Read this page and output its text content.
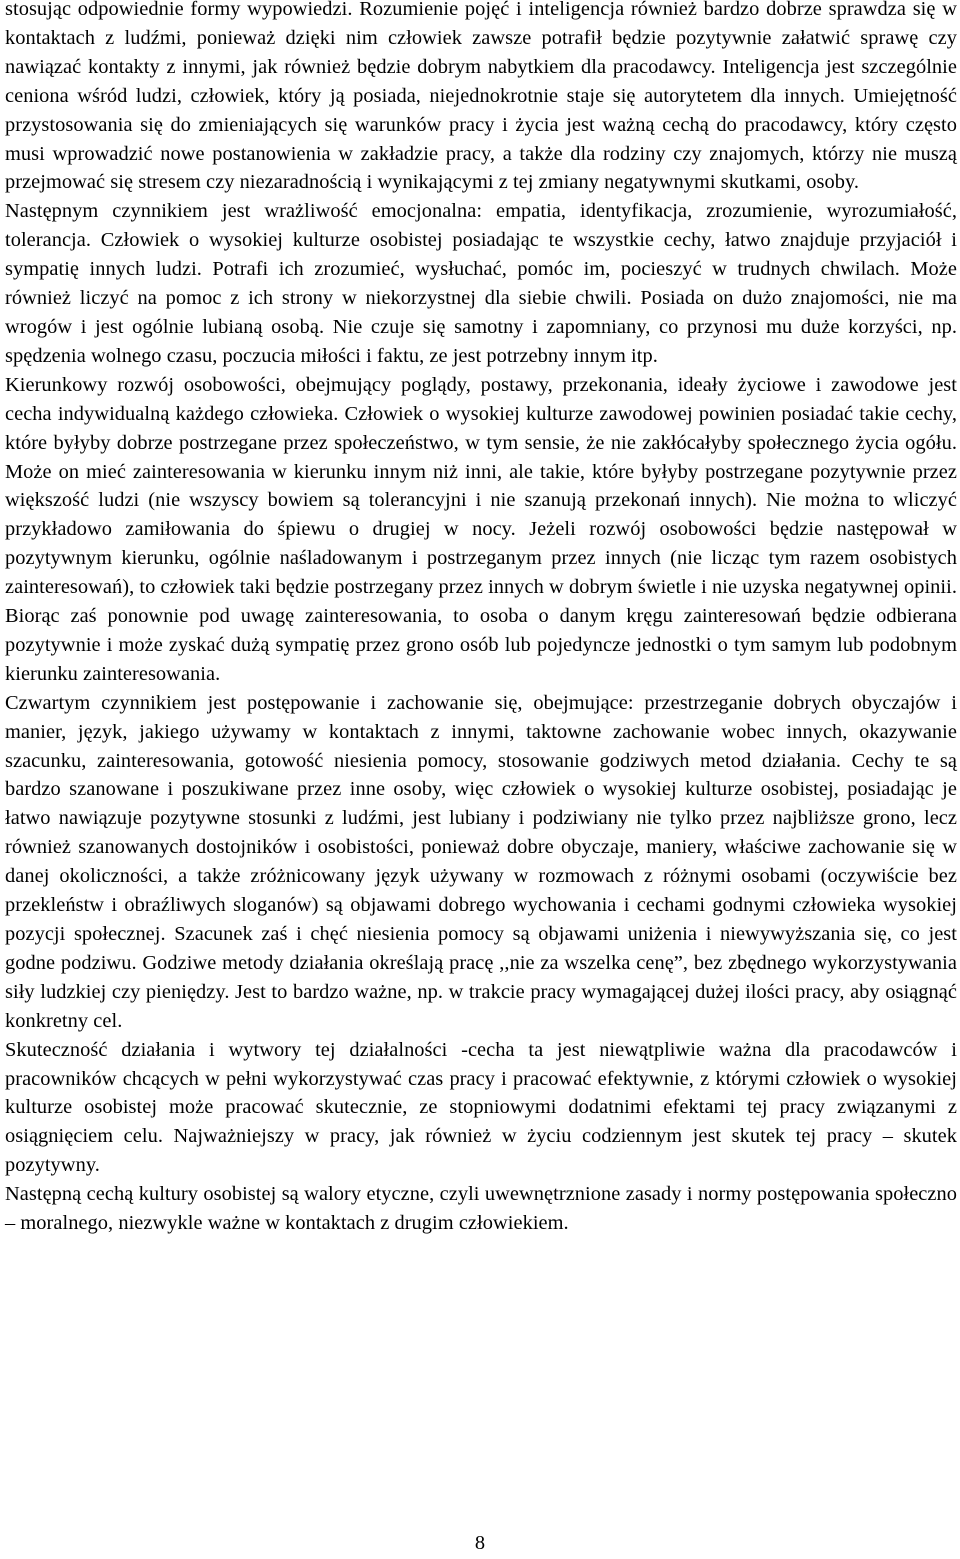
stosując odpowiednie formy wypowiedzi. Rozumienie pojęć i inteligencja również bardzo dobrze sprawdza się w kontaktach z ludźmi, ponieważ dzięki nim człowiek zawsze potrafił będzie pozytywnie załatwić sprawę czy nawiązać kontakty z innymi, jak również będzie dobrym nabytkiem dla pracodawcy. Inteligencja jest szczególnie ceniona wśród ludzi, człowiek, który ją posiada, niejednokrotnie staje się autorytetem dla innych. Umiejętność przystosowania się do zmieniających się warunków pracy i życia jest ważną cechą do pracodawcy, który często musi wprowadzić nowe postanowienia w zakładzie pracy, a także dla rodziny czy znajomych, którzy nie muszą przejmować się stresem czy niezaradnością i wynikającymi z tej zmiany negatywnymi skutkami, osoby.

Następnym czynnikiem jest wrażliwość emocjonalna: empatia, identyfikacja, zrozumienie, wyrozumiałość, tolerancja. Człowiek o wysokiej kulturze osobistej posiadając te wszystkie cechy, łatwo znajduje przyjaciół i sympatię innych ludzi. Potrafi ich zrozumieć, wysłuchać, pomóc im, pocieszyć w trudnych chwilach. Może również liczyć na pomoc z ich strony w niekorzystnej dla siebie chwili. Posiada on dużo znajomości, nie ma wrogów i jest ogólnie lubianą osobą. Nie czuje się samotny i zapomniany, co przynosi mu duże korzyści, np. spędzenia wolnego czasu, poczucia miłości i faktu, ze jest potrzebny innym itp.

Kierunkowy rozwój osobowości, obejmujący poglądy, postawy, przekonania, ideały życiowe i zawodowe jest cecha indywidualną każdego człowieka. Człowiek o wysokiej kulturze zawodowej powinien posiadać takie cechy, które byłyby dobrze postrzegane przez społeczeństwo, w tym sensie, że nie zakłócałyby społecznego życia ogółu. Może on mieć zainteresowania w kierunku innym niż inni, ale takie, które byłyby postrzegane pozytywnie przez większość ludzi (nie wszyscy bowiem są tolerancyjni i nie szanują przekonań innych). Nie można to wliczyć przykładowo zamiłowania do śpiewu o drugiej w nocy. Jeżeli rozwój osobowości będzie następował w pozytywnym kierunku, ogólnie naśladowanym i postrzeganym przez innych (nie licząc tym razem osobistych zainteresowań), to człowiek taki będzie postrzegany przez innych w dobrym świetle i nie uzyska negatywnej opinii. Biorąc zaś ponownie pod uwagę zainteresowania, to osoba o danym kręgu zainteresowań będzie odbierana pozytywnie i może zyskać dużą sympatię przez grono osób lub pojedyncze jednostki o tym samym lub podobnym kierunku zainteresowania.

Czwartym czynnikiem jest postępowanie i zachowanie się, obejmujące: przestrzeganie dobrych obyczajów i manier, język, jakiego używamy w kontaktach z innymi, taktowne zachowanie wobec innych, okazywanie szacunku, zainteresowania, gotowość niesienia pomocy, stosowanie godziwych metod działania. Cechy te są bardzo szanowane i poszukiwane przez inne osoby, więc człowiek o wysokiej kulturze osobistej, posiadając je łatwo nawiązuje pozytywne stosunki z ludźmi, jest lubiany i podziwiany nie tylko przez najbliższe grono, lecz również szanowanych dostojników i osobistości, ponieważ dobre obyczaje, maniery, właściwe zachowanie się w danej okoliczności, a także zróżnicowany język używany w rozmowach z różnymi osobami (oczywiście bez przekleństw i obraźliwych sloganów) są objawami dobrego wychowania i cechami godnymi człowieka wysokiej pozycji społecznej. Szacunek zaś i chęć niesienia pomocy są objawami uniżenia i niewywyższania się, co jest godne podziwu. Godziwe metody działania określają pracę ,,nie za wszelka cenę”, bez zbędnego wykorzystywania siły ludzkiej czy pieniędzy. Jest to bardzo ważne, np. w trakcie pracy wymagającej dużej ilości pracy, aby osiągnąć konkretny cel.

Skuteczność działania i wytwory tej działalności -cecha ta jest niewątpliwie ważna dla pracodawców i pracowników chcących w pełni wykorzystywać czas pracy i pracować efektywnie, z którymi człowiek o wysokiej kulturze osobistej może pracować skutecznie, ze stopniowymi dodatnimi efektami tej pracy związanymi z osiągnięciem celu. Najważniejszy w pracy, jak również w życiu codziennym jest skutek tej pracy – skutek pozytywny.

Następną cechą kultury osobistej są walory etyczne, czyli uwewnętrznione zasady i normy postępowania społeczno – moralnego, niezwykle ważne w kontaktach z drugim człowiekiem.

8
